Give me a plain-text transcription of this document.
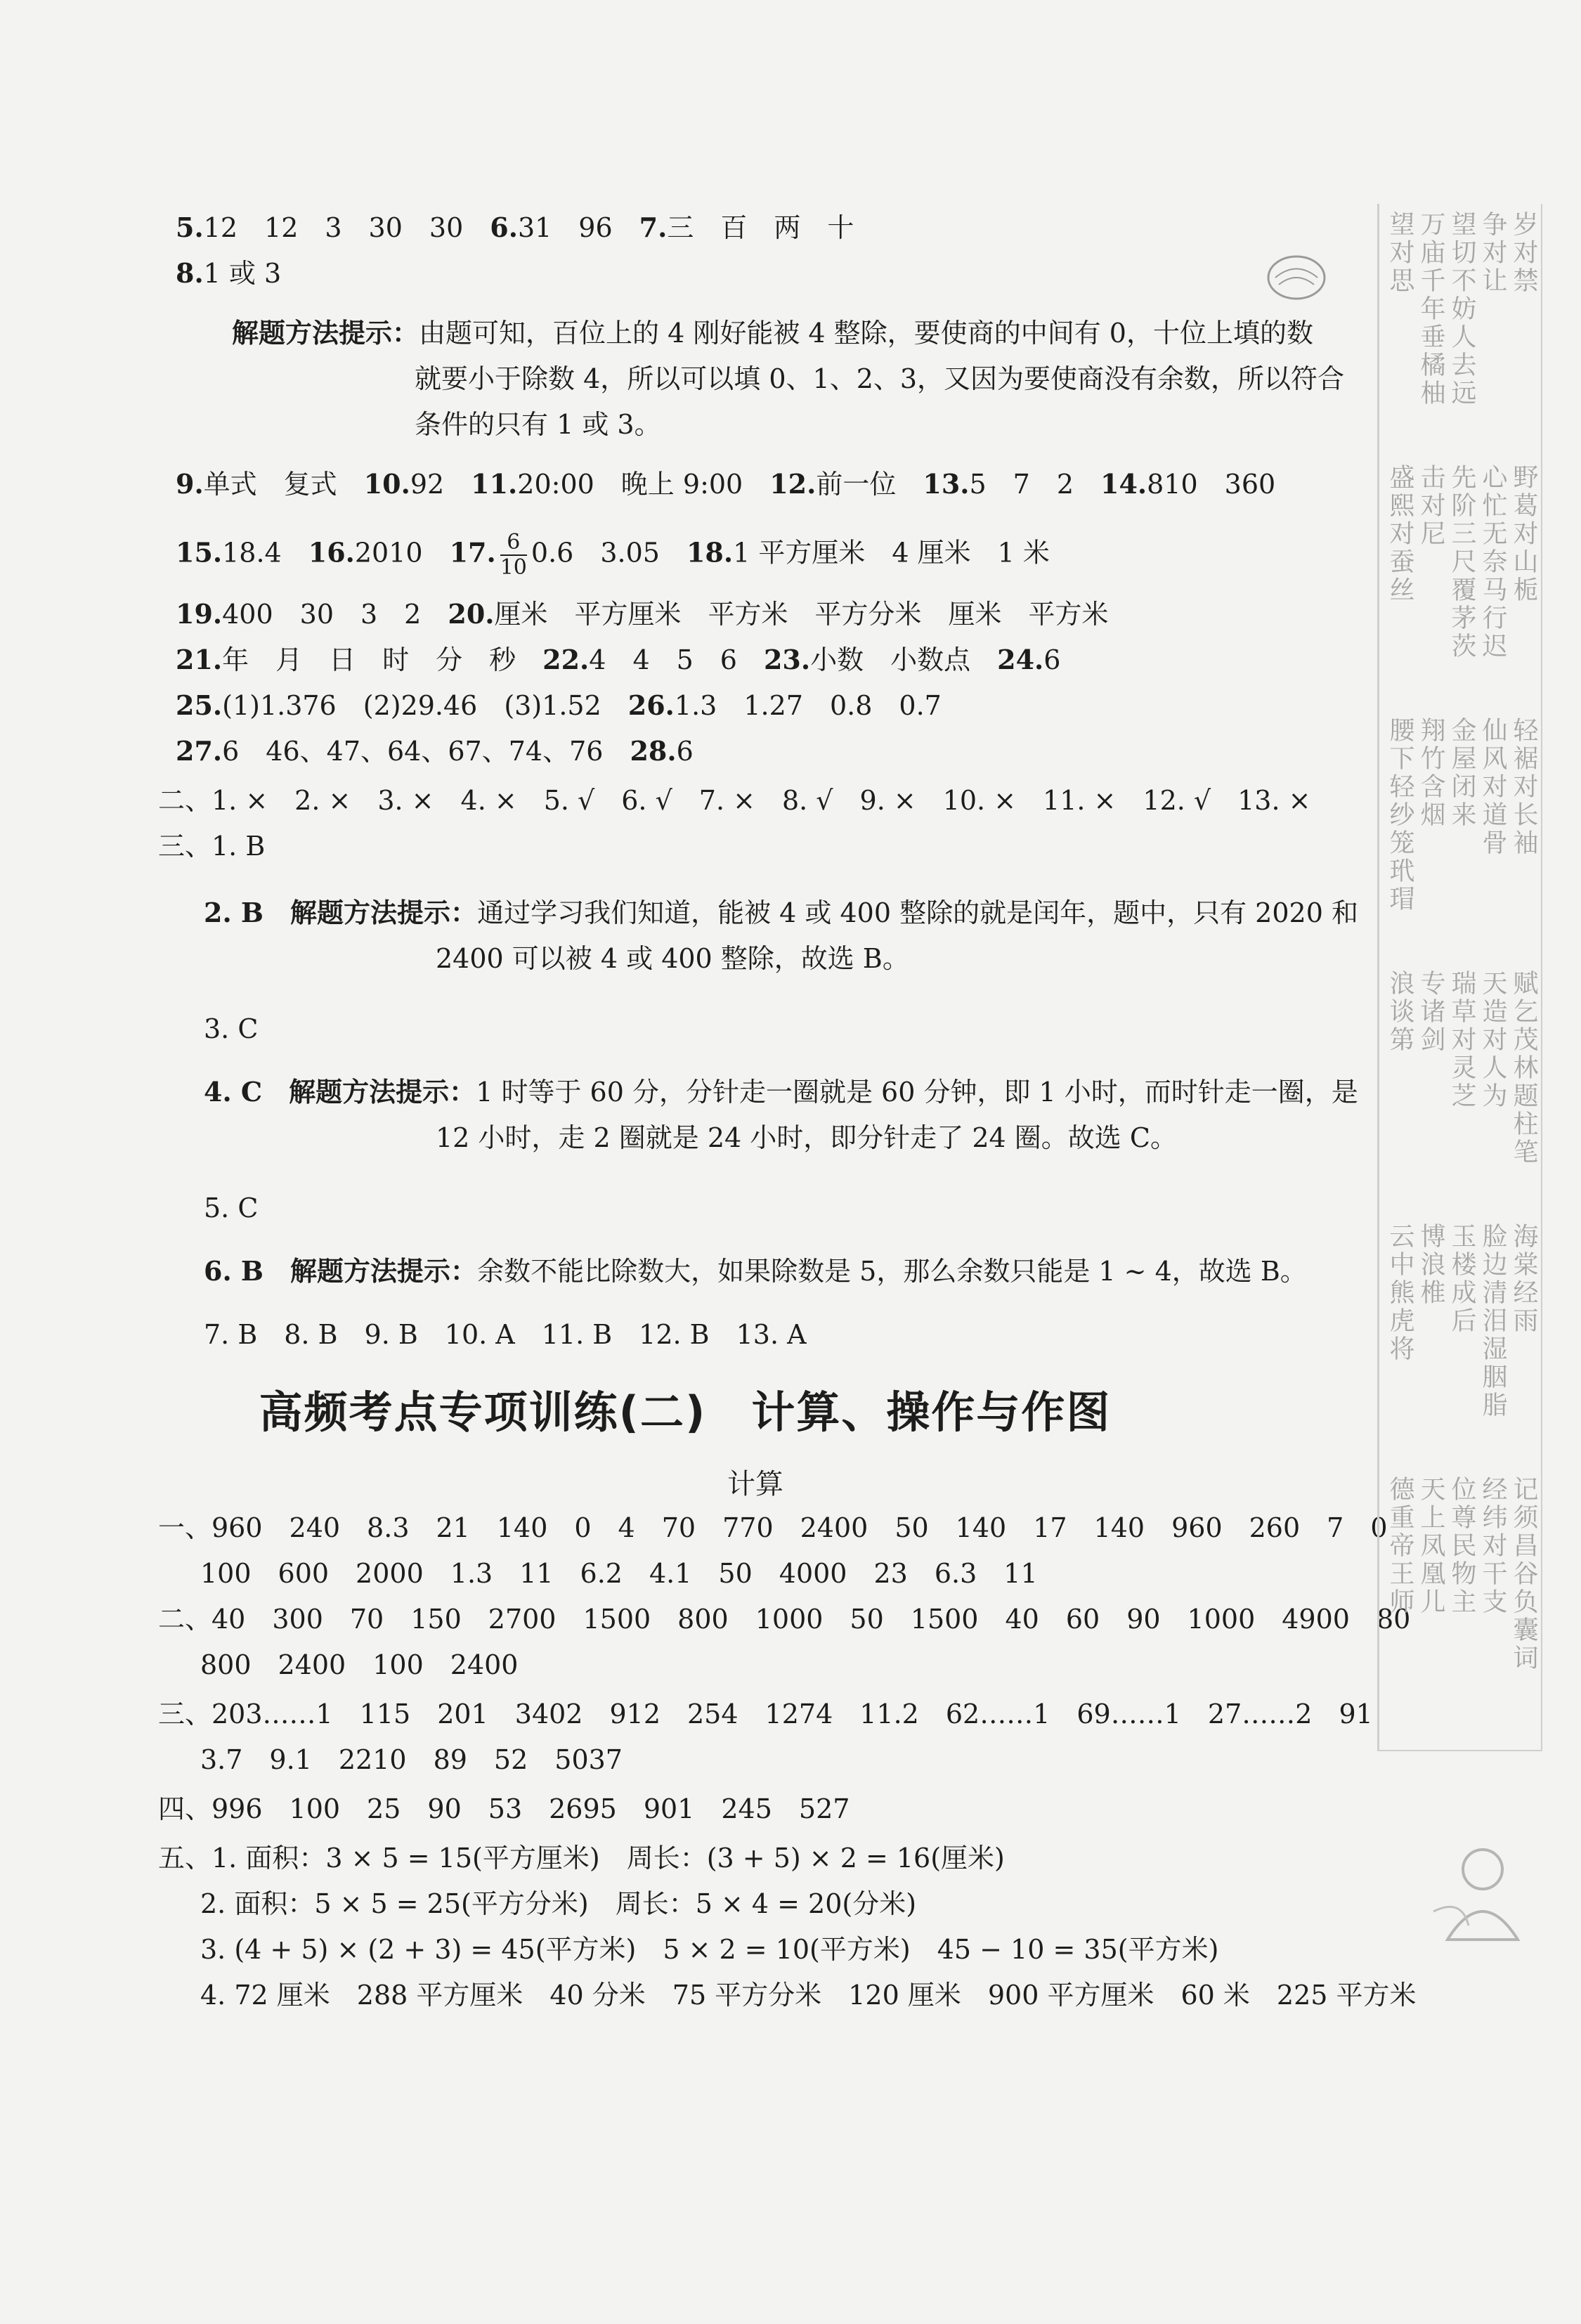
5.12　12　3　30　30　6.31　96　7.三　百　两　十
8.1 或 3
解题方法提示：由题可知，百位上的 4 刚好能被 4 整除，要使商的中间有 0，十位上填的数
就要小于除数 4，所以可以填 0、1、2、3，又因为要使商没有余数，所以符合
条件的只有 1 或 3。
9.单式　复式　10.92　11.20:00　晚上 9:00　12.前一位　13.5　7　2　14.810　360
15.18.4　16.2010　17. $\frac{6}{10} 0.6$　3.05　18.1 平方厘米　4 厘米　1 米
19.400　30　3　2　20.厘米　平方厘米　平方米　平方分米　厘米　平方米
21.年　月　日　时　分　秒　22.4　4　5　6　23.小数　小数点　24.6
25.(1)1.376　(2)29.46　(3)1.52　26.1.3　1.27　0.8　0.7
27.6　46、47、64、67、74、76　28.6
二、1. ×　2. ×　3. ×　4. ×　5. √　6. √　7. ×　8. √　9. ×　10. ×　11. ×　12. √　13. ×
三、1. B
2. B　 解题方法提示：通过学习我们知道，能被 4 或 400 整除的就是闰年，题中，只有 2020 和
2400 可以被 4 或 400 整除，故选 B。
3. C
4. C　 解题方法提示：1 时等于 60 分，分针走一圈就是 60 分钟，即 1 小时，而时针走一圈，是
12 小时，走 2 圈就是 24 小时，即分针走了 24 圈。故选 C。
5. C
6. B　 解题方法提示：余数不能比除数大，如果除数是 5，那么余数只能是 1 ~ 4，故选 B。
7. B　8. B　9. B　10. A　11. B　12. B　13. A
高频考点专项训练(二)　计算、操作与作图
计算
一、960　240　8.3　21　140　0　4　70　770　2400　50　140　17　140　960　260　7　0
100　600　2000　1.3　11　6.2　4.1　50　4000　23　6.3　11
二、40　300　70　150　2700　1500　800　1000　50　1500　40　60　90　1000　4900　80
800　2400　100　2400
三、203……1　115　201　3402　912　254　1274　11.2　62……1　69……1　27……2　91
3.7　9.1　2210　89　52　5037
四、996　100　25　90　53　2695　901　245　527
五、1. 面积：3 × 5 = 15(平方厘米)　周长：(3 + 5) × 2 = 16(厘米)
2. 面积：5 × 5 = 25(平方分米)　周长：5 × 4 = 20(分米)
3. (4 + 5) × (2 + 3) = 45(平方米)　5 × 2 = 10(平方米)　45 − 10 = 35(平方米)
4. 72 厘米　288 平方厘米　40 分米　75 平方分米　120 厘米　900 平方厘米　60 米　225 平方米
岁对禁
争对让
望切不妨人去远
万庙千年垂橘柚
望对思
野葛对山栀
心忙无奈马行迟
先阶三尺覆茅茨
击对尼
盛熙对蚕丝
轻裾对长袖
仙风对道骨
金屋闭来
翔竹含烟
腰下轻纱笼玳瑁
赋乞茂林题柱笔
天造对人为
瑞草对灵芝
专诸剑
浪谈第
海棠经雨
脸边清泪湿胭脂
玉楼成后
博浪椎
云中熊虎将
记须昌谷负囊词
经纬对干支
位尊民物主
天上凤凰儿
德重帝王师
